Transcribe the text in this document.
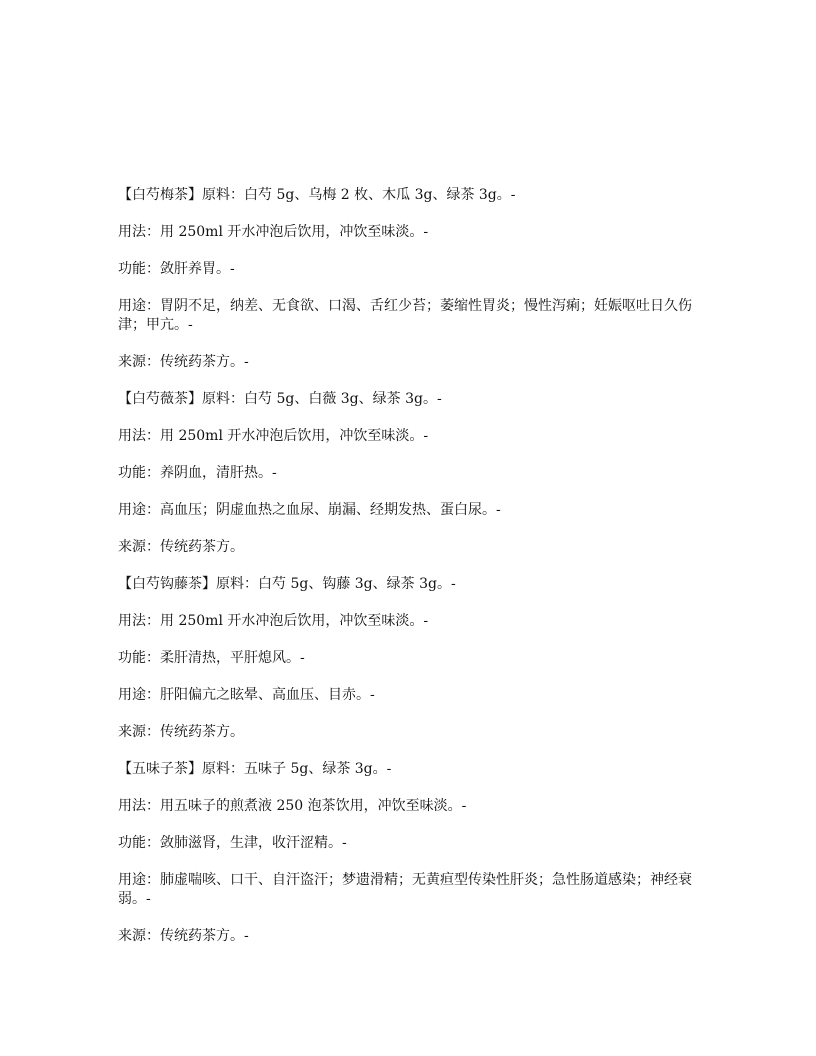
【白芍梅茶】原料：白芍 5g、乌梅 2 枚、木瓜 3g、绿茶 3g。-

用法：用 250ml 开水冲泡后饮用，冲饮至味淡。-

功能：敛肝养胃。-

用途：胃阴不足，纳差、无食欲、口渴、舌红少苔；萎缩性胃炎；慢性泻痢；妊娠呕吐日久伤津；甲亢。-

来源：传统药茶方。-

【白芍薇茶】原料：白芍 5g、白薇 3g、绿茶 3g。-

用法：用 250ml 开水冲泡后饮用，冲饮至味淡。-

功能：养阴血，清肝热。-

用途：高血压；阴虚血热之血尿、崩漏、经期发热、蛋白尿。-

来源：传统药茶方。

【白芍钩藤茶】原料：白芍 5g、钩藤 3g、绿茶 3g。-

用法：用 250ml 开水冲泡后饮用，冲饮至味淡。-

功能：柔肝清热，平肝熄风。-

用途：肝阳偏亢之眩晕、高血压、目赤。-

来源：传统药茶方。

【五味子茶】原料：五味子 5g、绿茶 3g。-

用法：用五味子的煎煮液 250 泡茶饮用，冲饮至味淡。-

功能：敛肺滋肾，生津，收汗涩精。-

用途：肺虚喘咳、口干、自汗盗汗；梦遗滑精；无黄疸型传染性肝炎；急性肠道感染；神经衰弱。-

来源：传统药茶方。-
